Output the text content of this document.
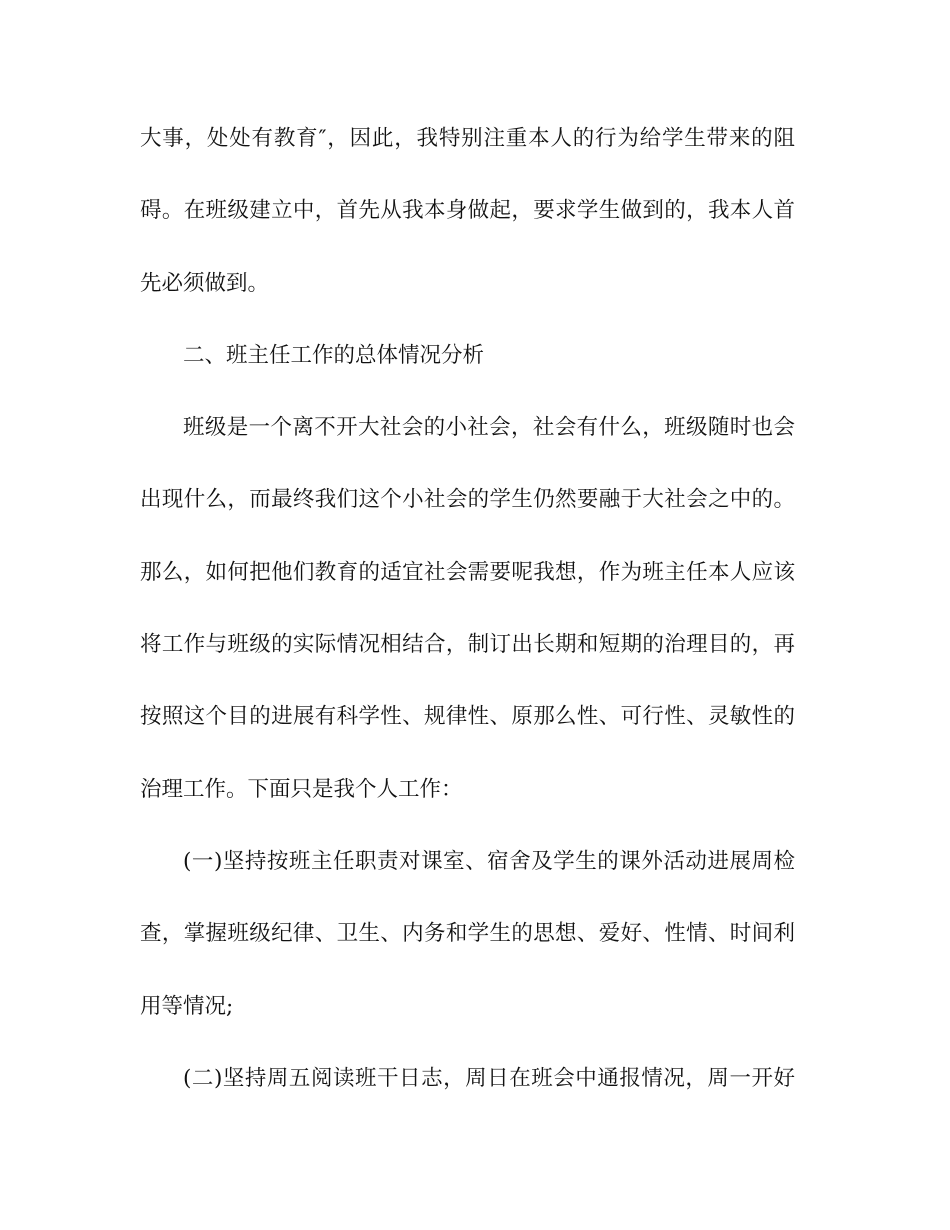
大事，处处有教育″，因此，我特别注重本人的行为给学生带来的阻
碍。在班级建立中，首先从我本身做起，要求学生做到的，我本人首
先必须做到。
二、班主任工作的总体情况分析
班级是一个离不开大社会的小社会，社会有什么，班级随时也会
出现什么，而最终我们这个小社会的学生仍然要融于大社会之中的。
那么，如何把他们教育的适宜社会需要呢我想，作为班主任本人应该
将工作与班级的实际情况相结合，制订出长期和短期的治理目的，再
按照这个目的进展有科学性、规律性、原那么性、可行性、灵敏性的
治理工作。下面只是我个人工作：
(一)坚持按班主任职责对课室、宿舍及学生的课外活动进展周检
查，掌握班级纪律、卫生、内务和学生的思想、爱好、性情、时间利
用等情况;
(二)坚持周五阅读班干日志，周日在班会中通报情况，周一开好
